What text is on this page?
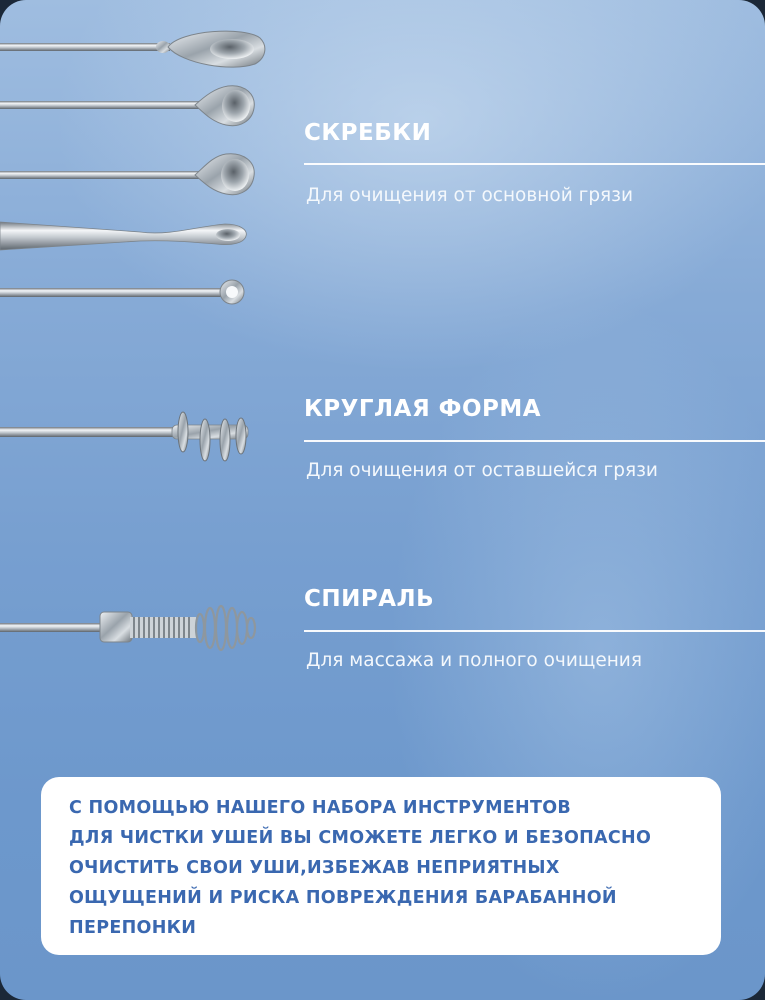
СКРЕБКИ

Для очищения от основной грязи

КРУГЛАЯ ФОРМА

Для очищения от оставшейся грязи

СПИРАЛЬ

Для массажа и полного очищения

С ПОМОЩЬЮ НАШЕГО НАБОРА ИНСТРУМЕНТОВ
ДЛЯ ЧИСТКИ УШЕЙ ВЫ СМОЖЕТЕ ЛЕГКО И БЕЗОПАСНО
ОЧИСТИТЬ СВОИ УШИ,ИЗБЕЖАВ НЕПРИЯТНЫХ
ОЩУЩЕНИЙ И РИСКА ПОВРЕЖДЕНИЯ БАРАБАННОЙ
ПЕРЕПОНКИ
